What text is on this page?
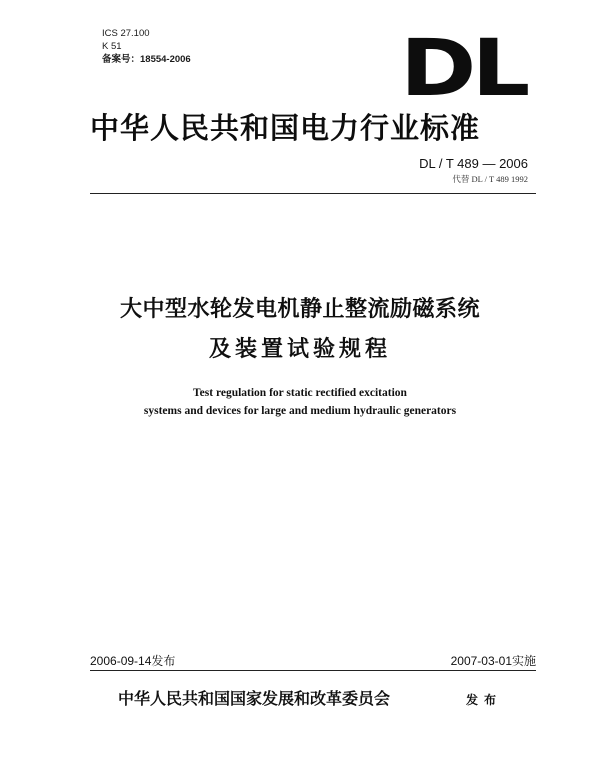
ICS 27.100
K 51
备案号：18554-2006	DL
中华人民共和国电力行业标准
DL / T 489 — 2006
代替 DL / T 489 1992
大中型水轮发电机静止整流励磁系统
及装置试验规程
Test regulation for static rectified excitation
systems and devices for large and medium hydraulic generators
2006-09-14发布	2007-03-01实施
中华人民共和国国家发展和改革委员会	发布
